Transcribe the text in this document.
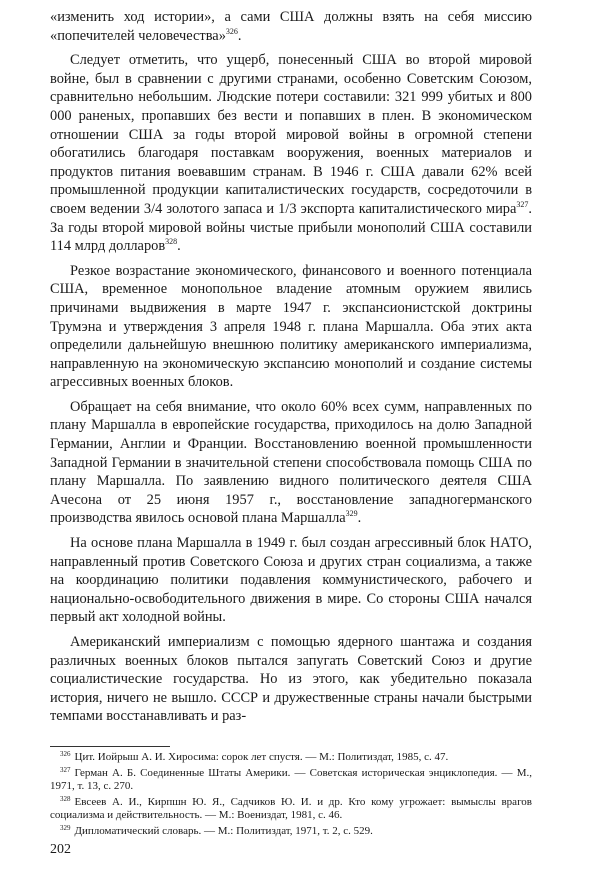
«изменить ход истории», а сами США должны взять на себя миссию «попечителей человечества»$^{326}$.

Следует отметить, что ущерб, понесенный США во второй мировой войне, был в сравнении с другими странами, особенно Советским Союзом, сравнительно небольшим. Людские потери составили: 321 999 убитых и 800 000 раненых, пропавших без вести и попавших в плен. В экономическом отношении США за годы второй мировой войны в огромной степени обогатились благодаря поставкам вооружения, военных материалов и продуктов питания воевавшим странам. В 1946 г. США давали 62% всей промышленной продукции капиталистических государств, сосредоточили в своем ведении 3/4 золотого запаса и 1/3 экспорта капиталистического мира$^{327}$. За годы второй мировой войны чистые прибыли монополий США составили 114 млрд долларов$^{328}$.

Резкое возрастание экономического, финансового и военного потенциала США, временное монопольное владение атомным оружием явились причинами выдвижения в марте 1947 г. экспансионистской доктрины Трумэна и утверждения 3 апреля 1948 г. плана Маршалла. Оба этих акта определили дальнейшую внешнюю политику американского империализма, направленную на экономическую экспансию монополий и создание системы агрессивных военных блоков.

Обращает на себя внимание, что около 60% всех сумм, направленных по плану Маршалла в европейские государства, приходилось на долю Западной Германии, Англии и Франции. Восстановлению военной промышленности Западной Германии в значительной степени способствовала помощь США по плану Маршалла. По заявлению видного политического деятеля США Ачесона от 25 июня 1957 г., восстановление западногерманского производства явилось основой плана Маршалла$^{329}$.

На основе плана Маршалла в 1949 г. был создан агрессивный блок НАТО, направленный против Советского Союза и других стран социализма, а также на координацию политики подавления коммунистического, рабочего и национально-освободительного движения в мире. Со стороны США начался первый акт холодной войны.

Американский империализм с помощью ядерного шантажа и создания различных военных блоков пытался запугать Советский Союз и другие социалистические государства. Но из этого, как убедительно показала история, ничего не вышло. СССР и дружественные страны начали быстрыми темпами восстанавливать и раз-

$^{326}$ Цит. Иойрыш А. И. Хиросима: сорок лет спустя. — М.: Политиздат, 1985, с. 47.

$^{327}$ Герман А. Б. Соединенные Штаты Америки. — Советская историческая энциклопедия. — М., 1971, т. 13, с. 270.

$^{328}$ Евсеев А. И., Кирпшн Ю. Я., Садчиков Ю. И. и др. Кто кому угрожает: вымыслы врагов социализма и действительность. — М.: Воениздат, 1981, с. 46.

$^{329}$ Дипломатический словарь. — М.: Политиздат, 1971, т. 2, с. 529.

202
